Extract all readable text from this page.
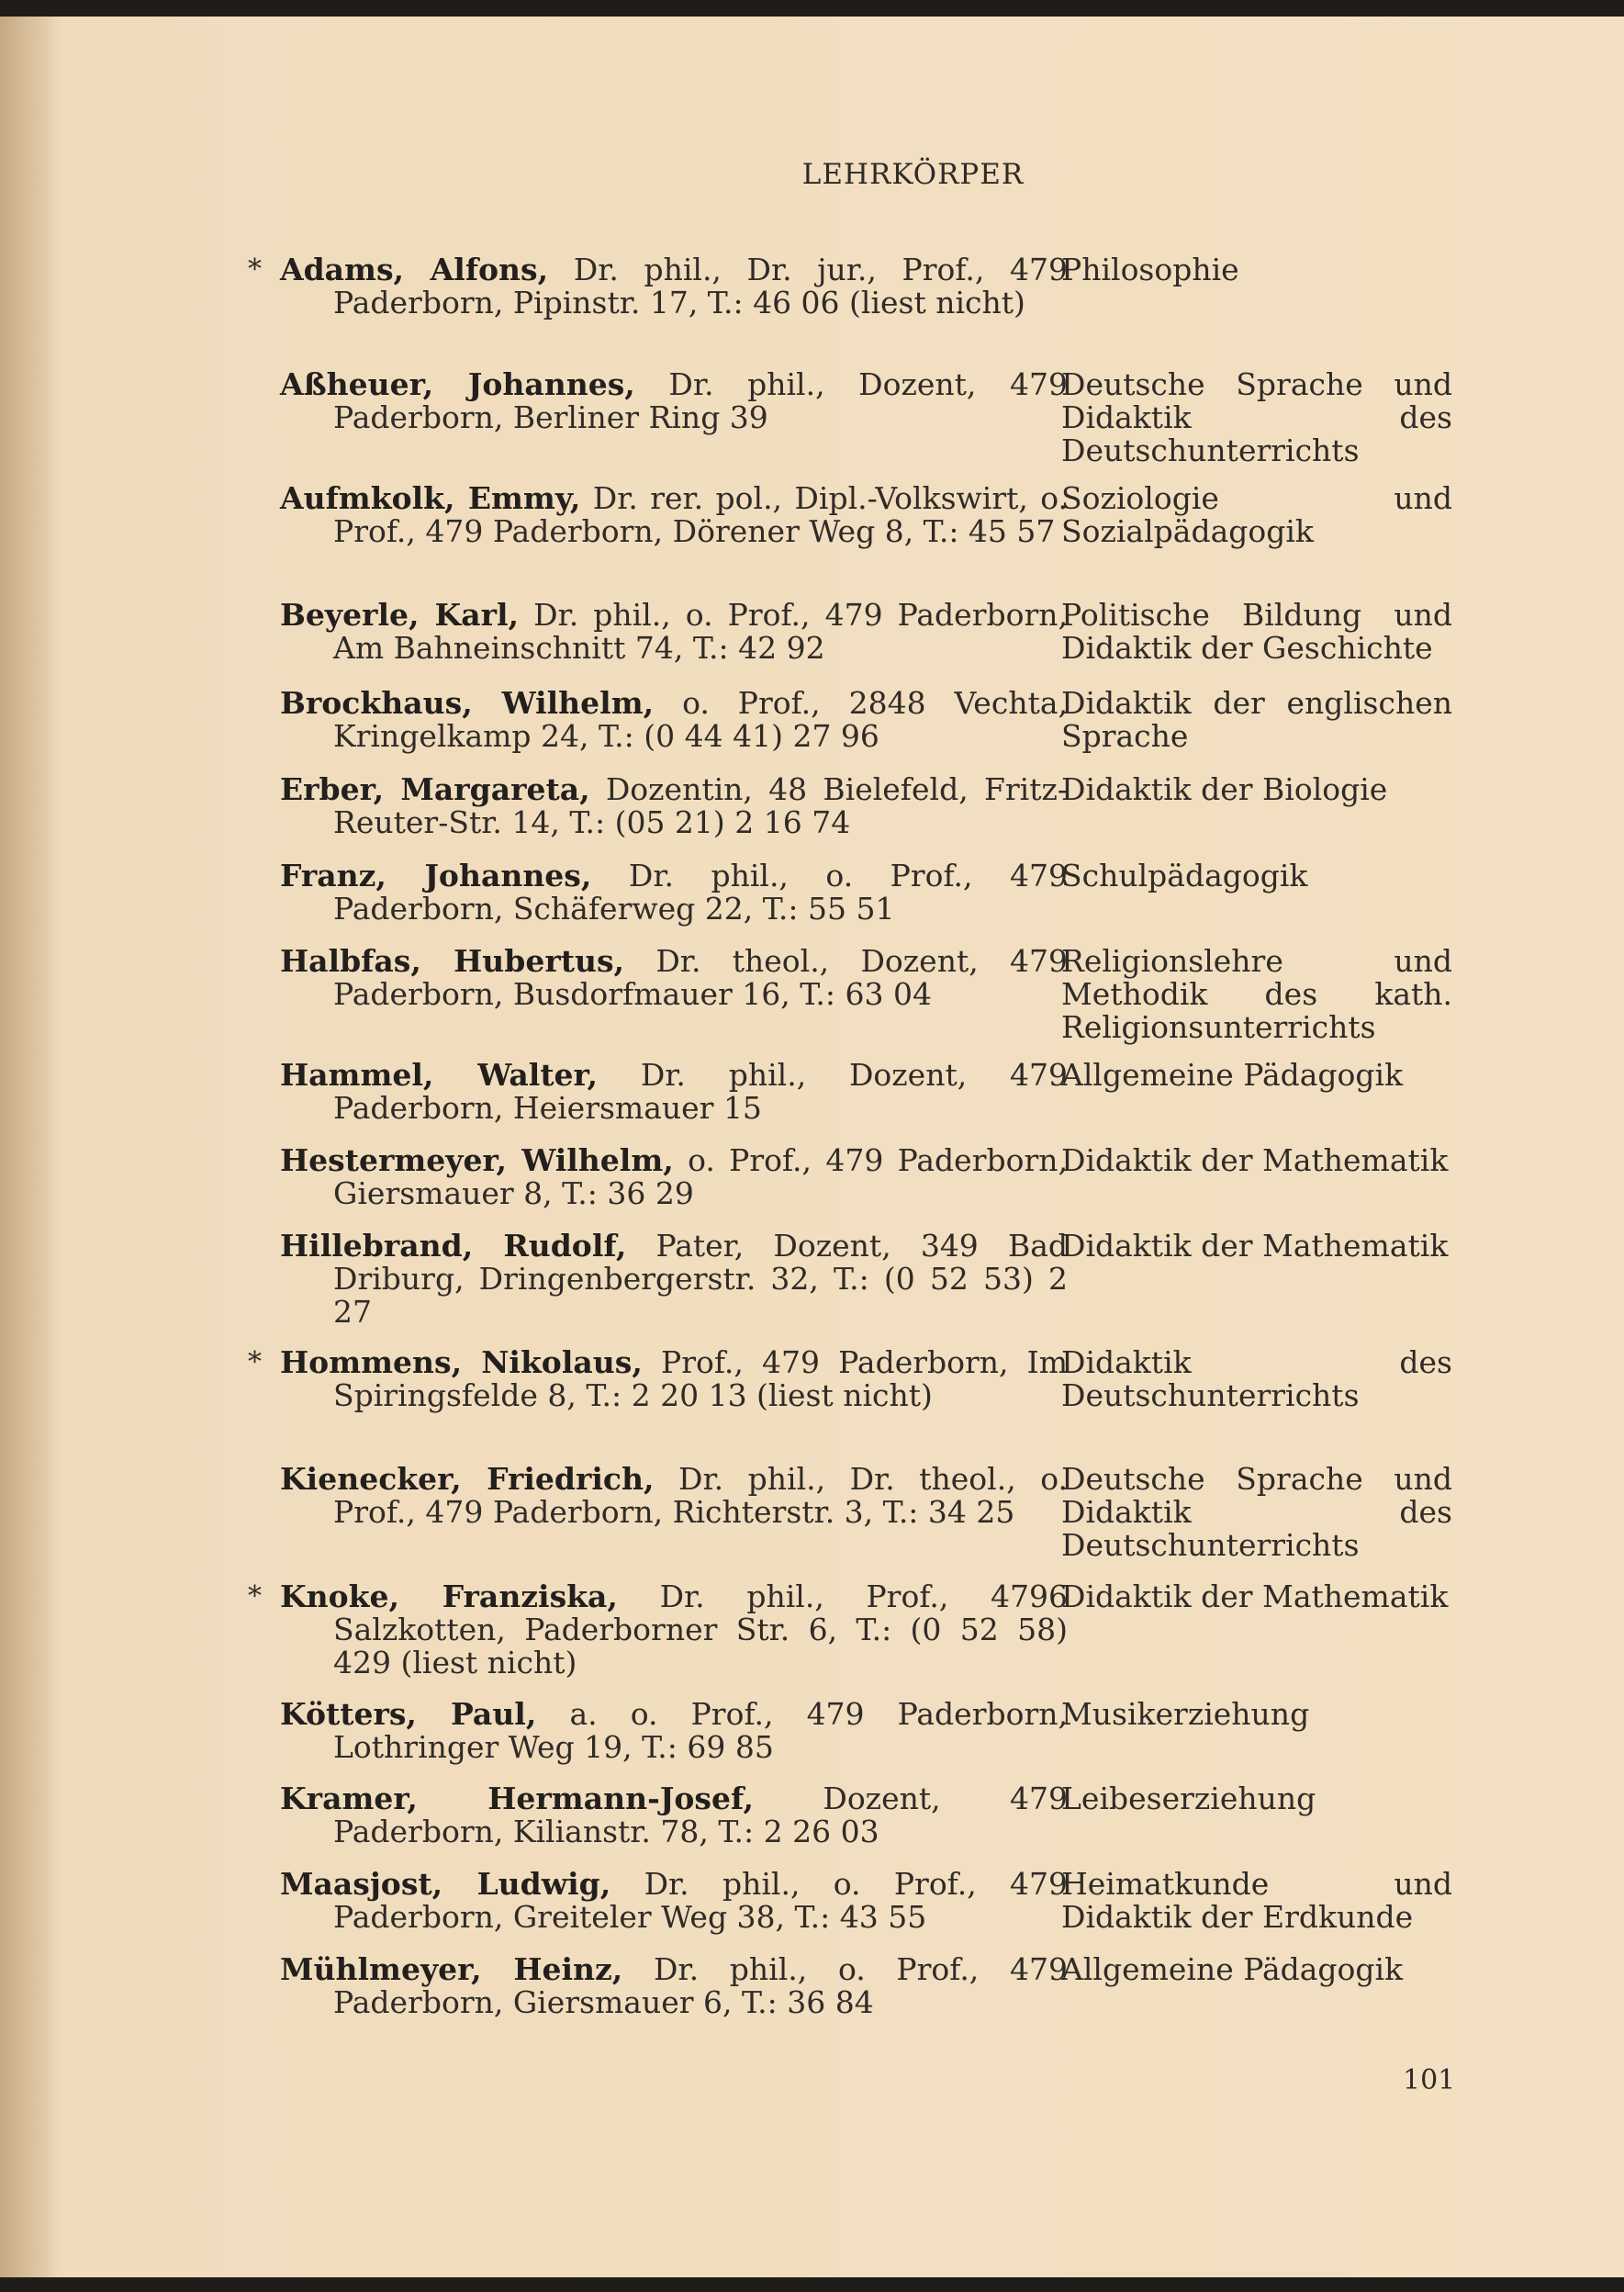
LEHRKÖRPER
* Adams, Alfons, Dr. phil., Dr. jur., Prof., 479 Paderborn, Pipinstr. 17, T.: 46 06 (liest nicht)
Philosophie
Aßheuer, Johannes, Dr. phil., Dozent, 479 Paderborn, Berliner Ring 39
Deutsche Sprache und Didaktik des Deutschunterrichts
Aufmkolk, Emmy, Dr. rer. pol., Dipl.-Volkswirt, o. Prof., 479 Paderborn, Dörener Weg 8, T.: 45 57
Soziologie und Sozialpädagogik
Beyerle, Karl, Dr. phil., o. Prof., 479 Paderborn, Am Bahneinschnitt 74, T.: 42 92
Politische Bildung und Didaktik der Geschichte
Brockhaus, Wilhelm, o. Prof., 2848 Vechta, Kringelkamp 24, T.: (0 44 41) 27 96
Didaktik der englischen Sprache
Erber, Margareta, Dozentin, 48 Bielefeld, Fritz-Reuter-Str. 14, T.: (05 21) 2 16 74
Didaktik der Biologie
Franz, Johannes, Dr. phil., o. Prof., 479 Paderborn, Schäferweg 22, T.: 55 51
Schulpädagogik
Halbfas, Hubertus, Dr. theol., Dozent, 479 Paderborn, Busdorfmauer 16, T.: 63 04
Religionslehre und Methodik des kath. Religionsunterrichts
Hammel, Walter, Dr. phil., Dozent, 479 Paderborn, Heiersmauer 15
Allgemeine Pädagogik
Hestermeyer, Wilhelm, o. Prof., 479 Paderborn, Giersmauer 8, T.: 36 29
Didaktik der Mathematik
Hillebrand, Rudolf, Pater, Dozent, 349 Bad Driburg, Dringenbergerstr. 32, T.: (0 52 53) 2 27
Didaktik der Mathematik
* Hommens, Nikolaus, Prof., 479 Paderborn, Im Spiringsfelde 8, T.: 2 20 13 (liest nicht)
Didaktik des Deutschunterrichts
Kienecker, Friedrich, Dr. phil., Dr. theol., o. Prof., 479 Paderborn, Richterstr. 3, T.: 34 25
Deutsche Sprache und Didaktik des Deutschunterrichts
* Knoke, Franziska, Dr. phil., Prof., 4796 Salzkotten, Paderborner Str. 6, T.: (0 52 58) 429 (liest nicht)
Didaktik der Mathematik
Kötters, Paul, a. o. Prof., 479 Paderborn, Lothringer Weg 19, T.: 69 85
Musikerziehung
Kramer, Hermann-Josef, Dozent, 479 Paderborn, Kilianstr. 78, T.: 2 26 03
Leibeserziehung
Maasjost, Ludwig, Dr. phil., o. Prof., 479 Paderborn, Greiteler Weg 38, T.: 43 55
Heimatkunde und Didaktik der Erdkunde
Mühlmeyer, Heinz, Dr. phil., o. Prof., 479 Paderborn, Giersmauer 6, T.: 36 84
Allgemeine Pädagogik
101
